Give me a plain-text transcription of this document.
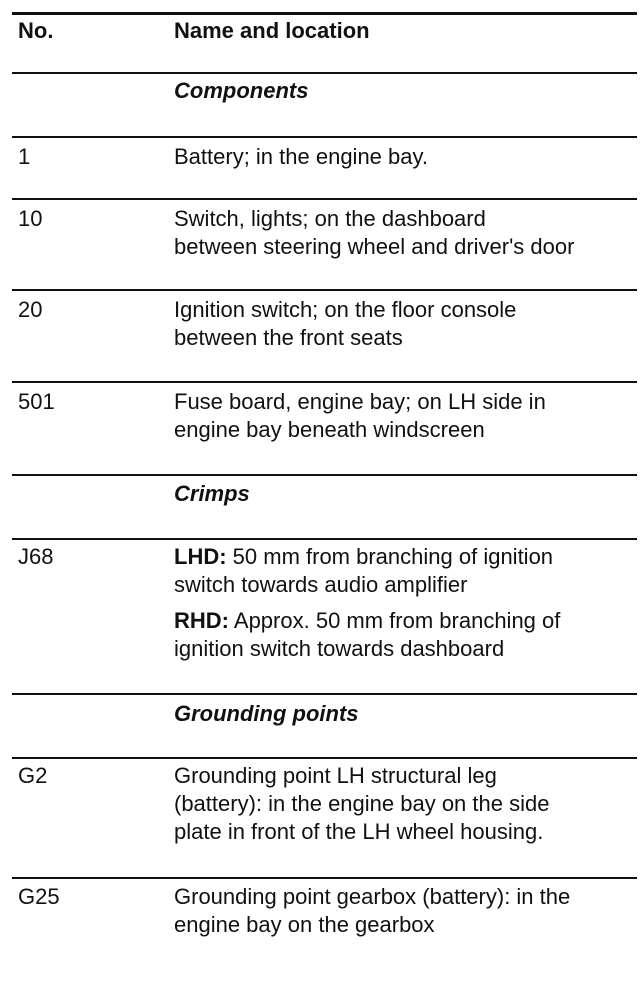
No.	Name and location
Components
1	Battery; in the engine bay.
10	Switch, lights; on the dashboard
between steering wheel and driver's door
20	Ignition switch; on the floor console
between the front seats
501	Fuse board, engine bay; on LH side in
engine bay beneath windscreen
Crimps
J68	LHD: 50 mm from branching of ignition
switch towards audio amplifier
RHD: Approx. 50 mm from branching of
ignition switch towards dashboard
Grounding points
G2	Grounding point LH structural leg
(battery): in the engine bay on the side
plate in front of the LH wheel housing.
G25	Grounding point gearbox (battery): in the
engine bay on the gearbox
